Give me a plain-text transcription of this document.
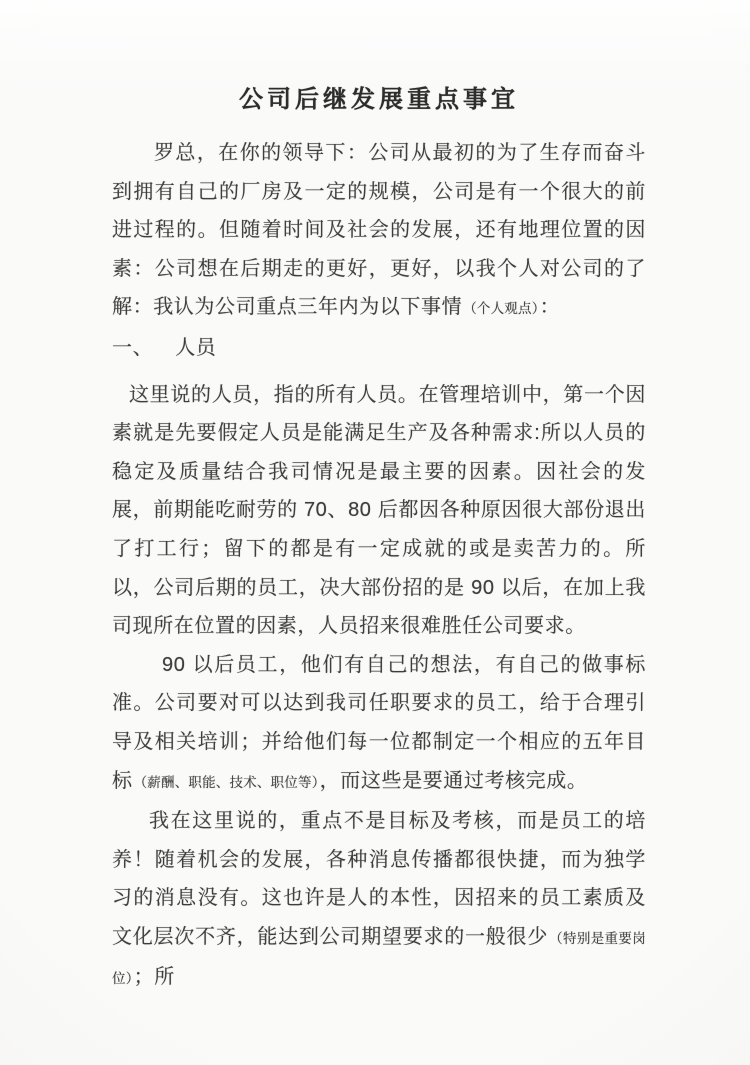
公司后继发展重点事宜

罗总，在你的领导下：公司从最初的为了生存而奋斗到拥有自己的厂房及一定的规模，公司是有一个很大的前进过程的。但随着时间及社会的发展，还有地理位置的因素：公司想在后期走的更好，更好，以我个人对公司的了解：我认为公司重点三年内为以下事情（个人观点）：

一、 人员

这里说的人员，指的所有人员。在管理培训中，第一个因素就是先要假定人员是能满足生产及各种需求:所以人员的稳定及质量结合我司情况是最主要的因素。因社会的发展，前期能吃耐劳的 70、80 后都因各种原因很大部份退出了打工行；留下的都是有一定成就的或是卖苦力的。所以，公司后期的员工，决大部份招的是 90 以后，在加上我司现所在位置的因素，人员招来很难胜任公司要求。

90 以后员工，他们有自己的想法，有自己的做事标准。公司要对可以达到我司任职要求的员工，给于合理引导及相关培训；并给他们每一位都制定一个相应的五年目标（薪酬、职能、技术、职位等），而这些是要通过考核完成。

我在这里说的，重点不是目标及考核，而是员工的培养！随着机会的发展，各种消息传播都很快捷，而为独学习的消息没有。这也许是人的本性，因招来的员工素质及文化层次不齐，能达到公司期望要求的一般很少（特别是重要岗位）；所
